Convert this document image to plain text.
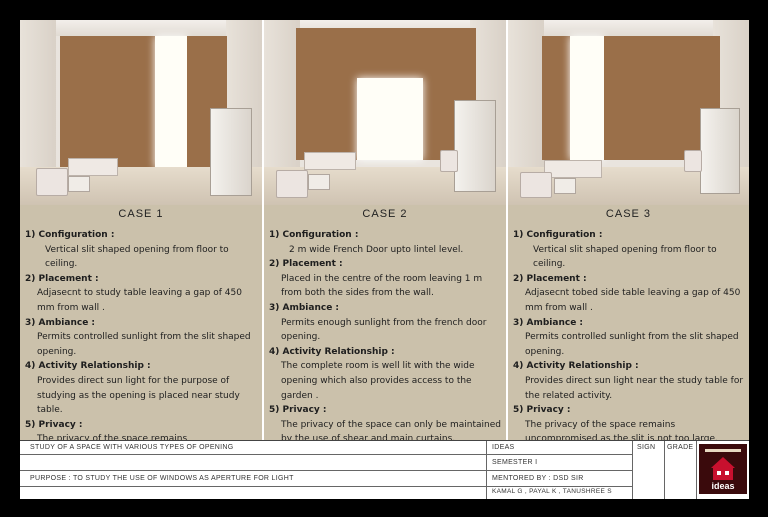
CASE 1
1) Configuration :
Vertical slit shaped opening from floor to ceiling.
2) Placement :
Adjasecnt to study table leaving a gap of 450 mm from wall .
3) Ambiance :
Permits controlled sunlight from the slit shaped opening.
4) Activity Relationship :
Provides direct sun light for the purpose of studying as the opening is placed near study table.
5) Privacy :
CASE 2
1) Configuration :
2 m wide French Door upto lintel level.
2) Placement :
Placed in the centre of the room leaving 1 m from both the sides from the wall.
3) Ambiance :
Permits enough sunlight from the french door opening.
4) Activity Relationship :
The complete room is well lit with the wide opening which also provides access to the garden .
5) Privacy :
The privacy of the space can only be maintained
CASE 3
1) Configuration :
Vertical slit shaped opening from floor to ceiling.
2) Placement :
Adjasecnt tobed side table leaving a gap of 450 mm from wall .
3) Ambiance :
Permits controlled sunlight from the slit shaped opening.
4) Activity Relationship :
Provides direct sun light near the study table for the related activity.
5) Privacy :
The privacy of the space remains
STUDY OF A SPACE WITH VARIOUS TYPES OF OPENING
PURPOSE : TO STUDY THE USE OF WINDOWS AS APERTURE FOR LIGHT
IDEAS
SEMESTER I
MENTORED BY : DSD SIR
KAMAL G , PAYAL K , TANUSHREE S
SIGN GRADE
ideas
